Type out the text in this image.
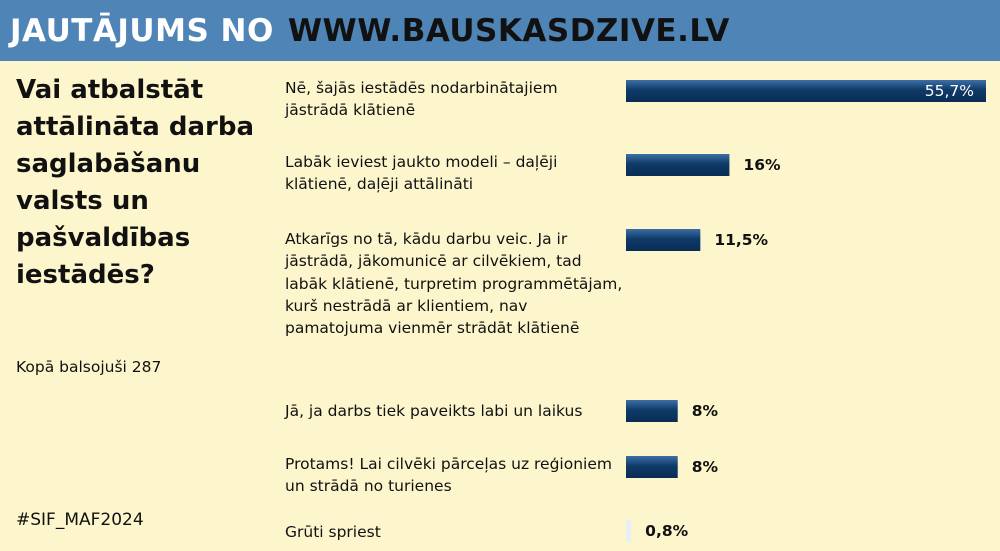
JAUTĀJUMS NO WWW.BAUSKASDZIVE.LV
Vai atbalstāt attālināta darba saglabāšanu valsts un pašvaldības iestādēs?
Kopā balsojuši 287
#SIF_MAF2024
Nē, šajās iestādēs nodarbinātajiem jāstrādā klātienē
Labāk ieviest jaukto modeli – daļēji klātienē, daļēji attālināti
Atkarīgs no tā, kādu darbu veic. Ja ir jāstrādā, jākomunicē ar cilvēkiem, tad labāk klātienē, turpretim programmētājam, kurš nestrādā ar klientiem, nav pamatojuma vienmēr strādāt klātienē
Jā, ja darbs tiek paveikts labi un laikus
Protams! Lai cilvēki pārceļas uz reģioniem un strādā no turienes
Grūti spriest
55,7%
16%
11,5%
8%
8%
0,8%
